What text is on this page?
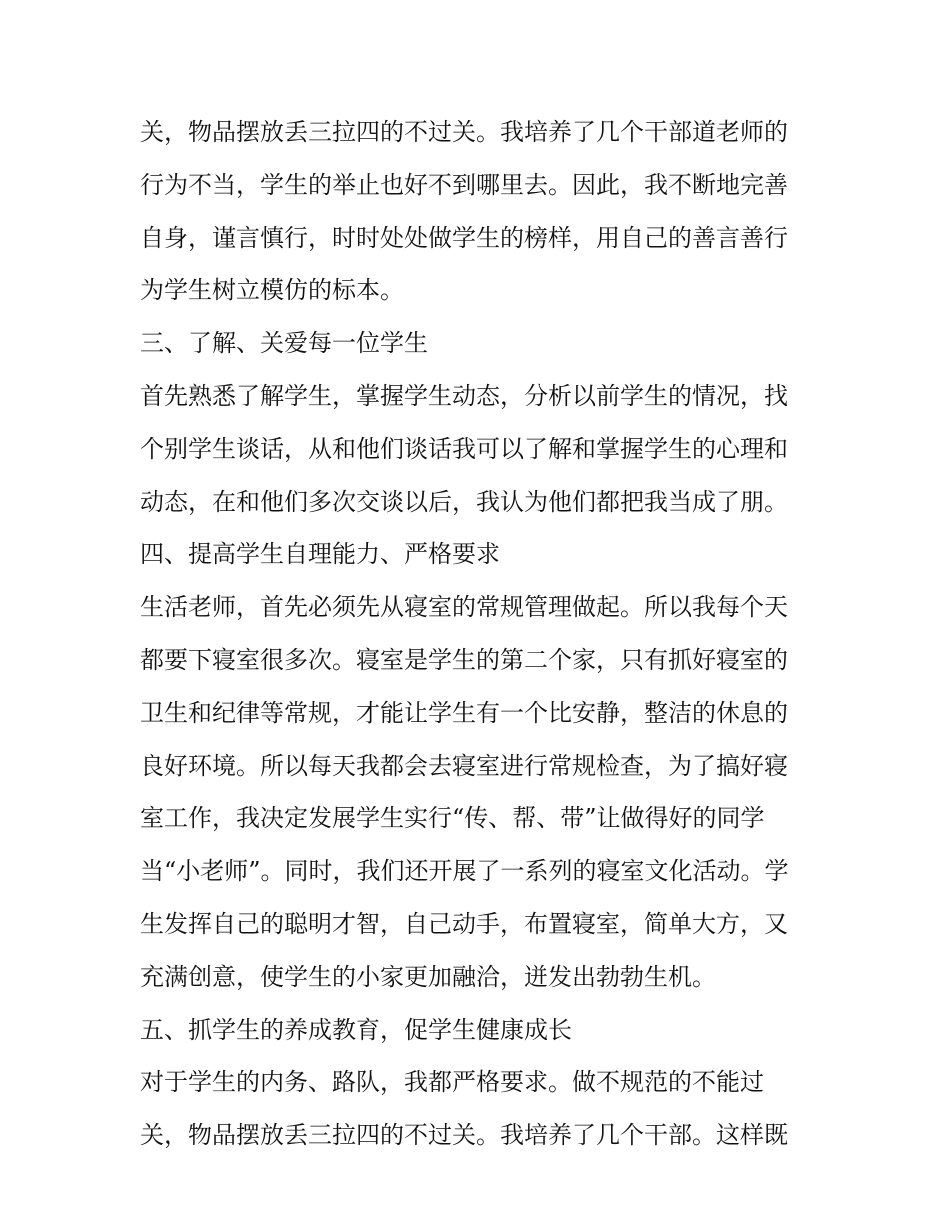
关，物品摆放丢三拉四的不过关。我培养了几个干部道老师的
行为不当，学生的举止也好不到哪里去。因此，我不断地完善
自身，谨言慎行，时时处处做学生的榜样，用自己的善言善行
为学生树立模仿的标本。
三、了解、关爱每一位学生
首先熟悉了解学生，掌握学生动态，分析以前学生的情况，找
个别学生谈话，从和他们谈话我可以了解和掌握学生的心理和
动态，在和他们多次交谈以后，我认为他们都把我当成了朋。
四、提高学生自理能力、严格要求
生活老师，首先必须先从寝室的常规管理做起。所以我每个天
都要下寝室很多次。寝室是学生的第二个家，只有抓好寝室的
卫生和纪律等常规，才能让学生有一个比安静，整洁的休息的
良好环境。所以每天我都会去寝室进行常规检查，为了搞好寝
室工作，我决定发展学生实行“传、帮、带”让做得好的同学
当“小老师”。同时，我们还开展了一系列的寝室文化活动。学
生发挥自己的聪明才智，自己动手，布置寝室，简单大方，又
充满创意，使学生的小家更加融洽，迸发出勃勃生机。
五、抓学生的养成教育，促学生健康成长
对于学生的内务、路队，我都严格要求。做不规范的不能过
关，物品摆放丢三拉四的不过关。我培养了几个干部。这样既
